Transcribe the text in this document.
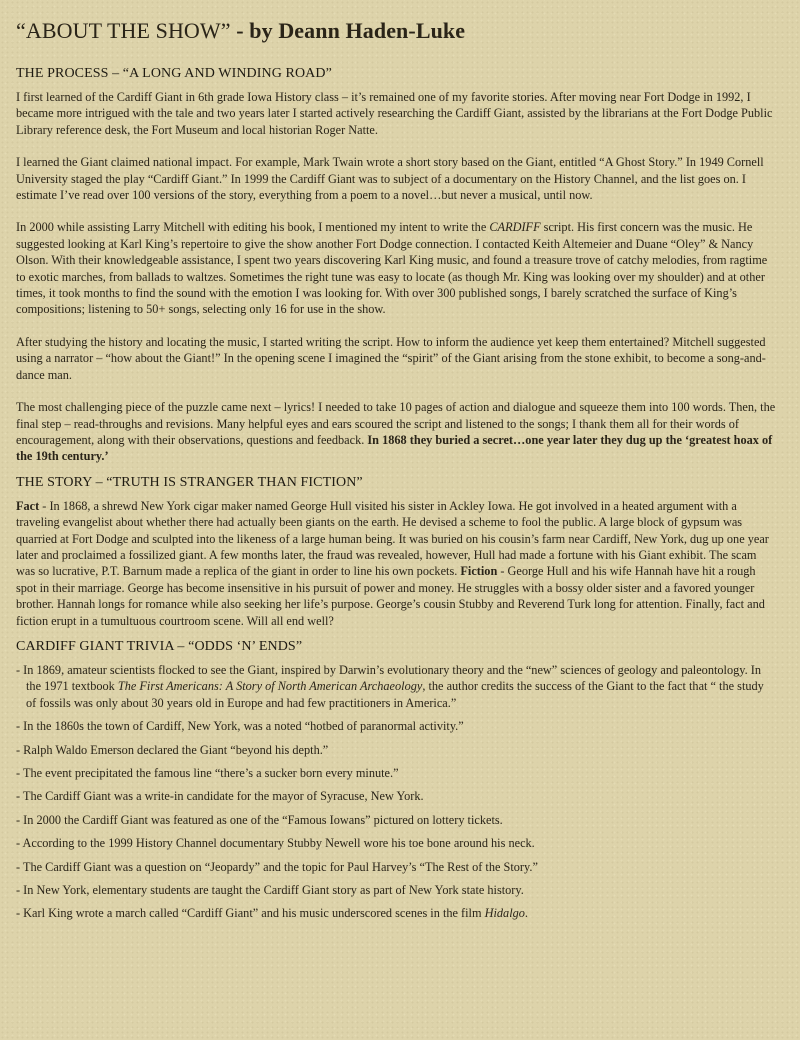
“ABOUT THE SHOW” - by Deann Haden-Luke
THE PROCESS – “A LONG AND WINDING ROAD”

I first learned of the Cardiff Giant in 6th grade Iowa History class – it’s remained one of my favorite stories. After moving near Fort Dodge in 1992, I became more intrigued with the tale and two years later I started actively researching the Cardiff Giant, assisted by the librarians at the Fort Dodge Public Library reference desk, the Fort Museum and local historian Roger Natte.

I learned the Giant claimed national impact. For example, Mark Twain wrote a short story based on the Giant, entitled “A Ghost Story.” In 1949 Cornell University staged the play “Cardiff Giant.” In 1999 the Cardiff Giant was to subject of a documentary on the History Channel, and the list goes on. I estimate I’ve read over 100 versions of the story, everything from a poem to a novel…but never a musical, until now.

In 2000 while assisting Larry Mitchell with editing his book, I mentioned my intent to write the CARDIFF script. His first concern was the music. He suggested looking at Karl King’s repertoire to give the show another Fort Dodge connection. I contacted Keith Altemeier and Duane “Oley” & Nancy Olson. With their knowledgeable assistance, I spent two years discovering Karl King music, and found a treasure trove of catchy melodies, from ragtime to exotic marches, from ballads to waltzes. Sometimes the right tune was easy to locate (as though Mr. King was looking over my shoulder) and at other times, it took months to find the sound with the emotion I was looking for. With over 300 published songs, I barely scratched the surface of King’s compositions; listening to 50+ songs, selecting only 16 for use in the show.

After studying the history and locating the music, I started writing the script. How to inform the audience yet keep them entertained? Mitchell suggested using a narrator – “how about the Giant!” In the opening scene I imagined the “spirit” of the Giant arising from the stone exhibit, to become a song-and-dance man.

The most challenging piece of the puzzle came next – lyrics! I needed to take 10 pages of action and dialogue and squeeze them into 100 words. Then, the final step – read-throughs and revisions. Many helpful eyes and ears scoured the script and listened to the songs; I thank them all for their words of encouragement, along with their observations, questions and feedback. In 1868 they buried a secret…one year later they dug up the ‘greatest hoax of the 19th century.’

THE STORY – “TRUTH IS STRANGER THAN FICTION”

Fact - In 1868, a shrewd New York cigar maker named George Hull visited his sister in Ackley Iowa. He got involved in a heated argument with a traveling evangelist about whether there had actually been giants on the earth. He devised a scheme to fool the public. A large block of gypsum was quarried at Fort Dodge and sculpted into the likeness of a large human being. It was buried on his cousin’s farm near Cardiff, New York, dug up one year later and proclaimed a fossilized giant. A few months later, the fraud was revealed, however, Hull had made a fortune with his Giant exhibit. The scam was so lucrative, P.T. Barnum made a replica of the giant in order to line his own pockets. Fiction - George Hull and his wife Hannah have hit a rough spot in their marriage. George has become insensitive in his pursuit of power and money. He struggles with a bossy older sister and a favored younger brother. Hannah longs for romance while also seeking her life’s purpose. George’s cousin Stubby and Reverend Turk long for attention. Finally, fact and fiction erupt in a tumultuous courtroom scene. Will all end well?

CARDIFF GIANT TRIVIA – “ODDS ‘N’ ENDS”
- In 1869, amateur scientists flocked to see the Giant, inspired by Darwin’s evolutionary theory and the “new” sciences of geology and paleontology. In the 1971 textbook The First Americans: A Story of North American Archaeology, the author credits the success of the Giant to the fact that “ the study of fossils was only about 30 years old in Europe and had few practitioners in America.”
- In the 1860s the town of Cardiff, New York, was a noted “hotbed of paranormal activity.”
- Ralph Waldo Emerson declared the Giant “beyond his depth.”
- The event precipitated the famous line “there’s a sucker born every minute.”
- The Cardiff Giant was a write-in candidate for the mayor of Syracuse, New York.
- In 2000 the Cardiff Giant was featured as one of the “Famous Iowans” pictured on lottery tickets.
- According to the 1999 History Channel documentary Stubby Newell wore his toe bone around his neck.
- The Cardiff Giant was a question on “Jeopardy” and the topic for Paul Harvey’s “The Rest of the Story.”
- In New York, elementary students are taught the Cardiff Giant story as part of New York state history.
- Karl King wrote a march called “Cardiff Giant” and his music underscored scenes in the film Hidalgo.
